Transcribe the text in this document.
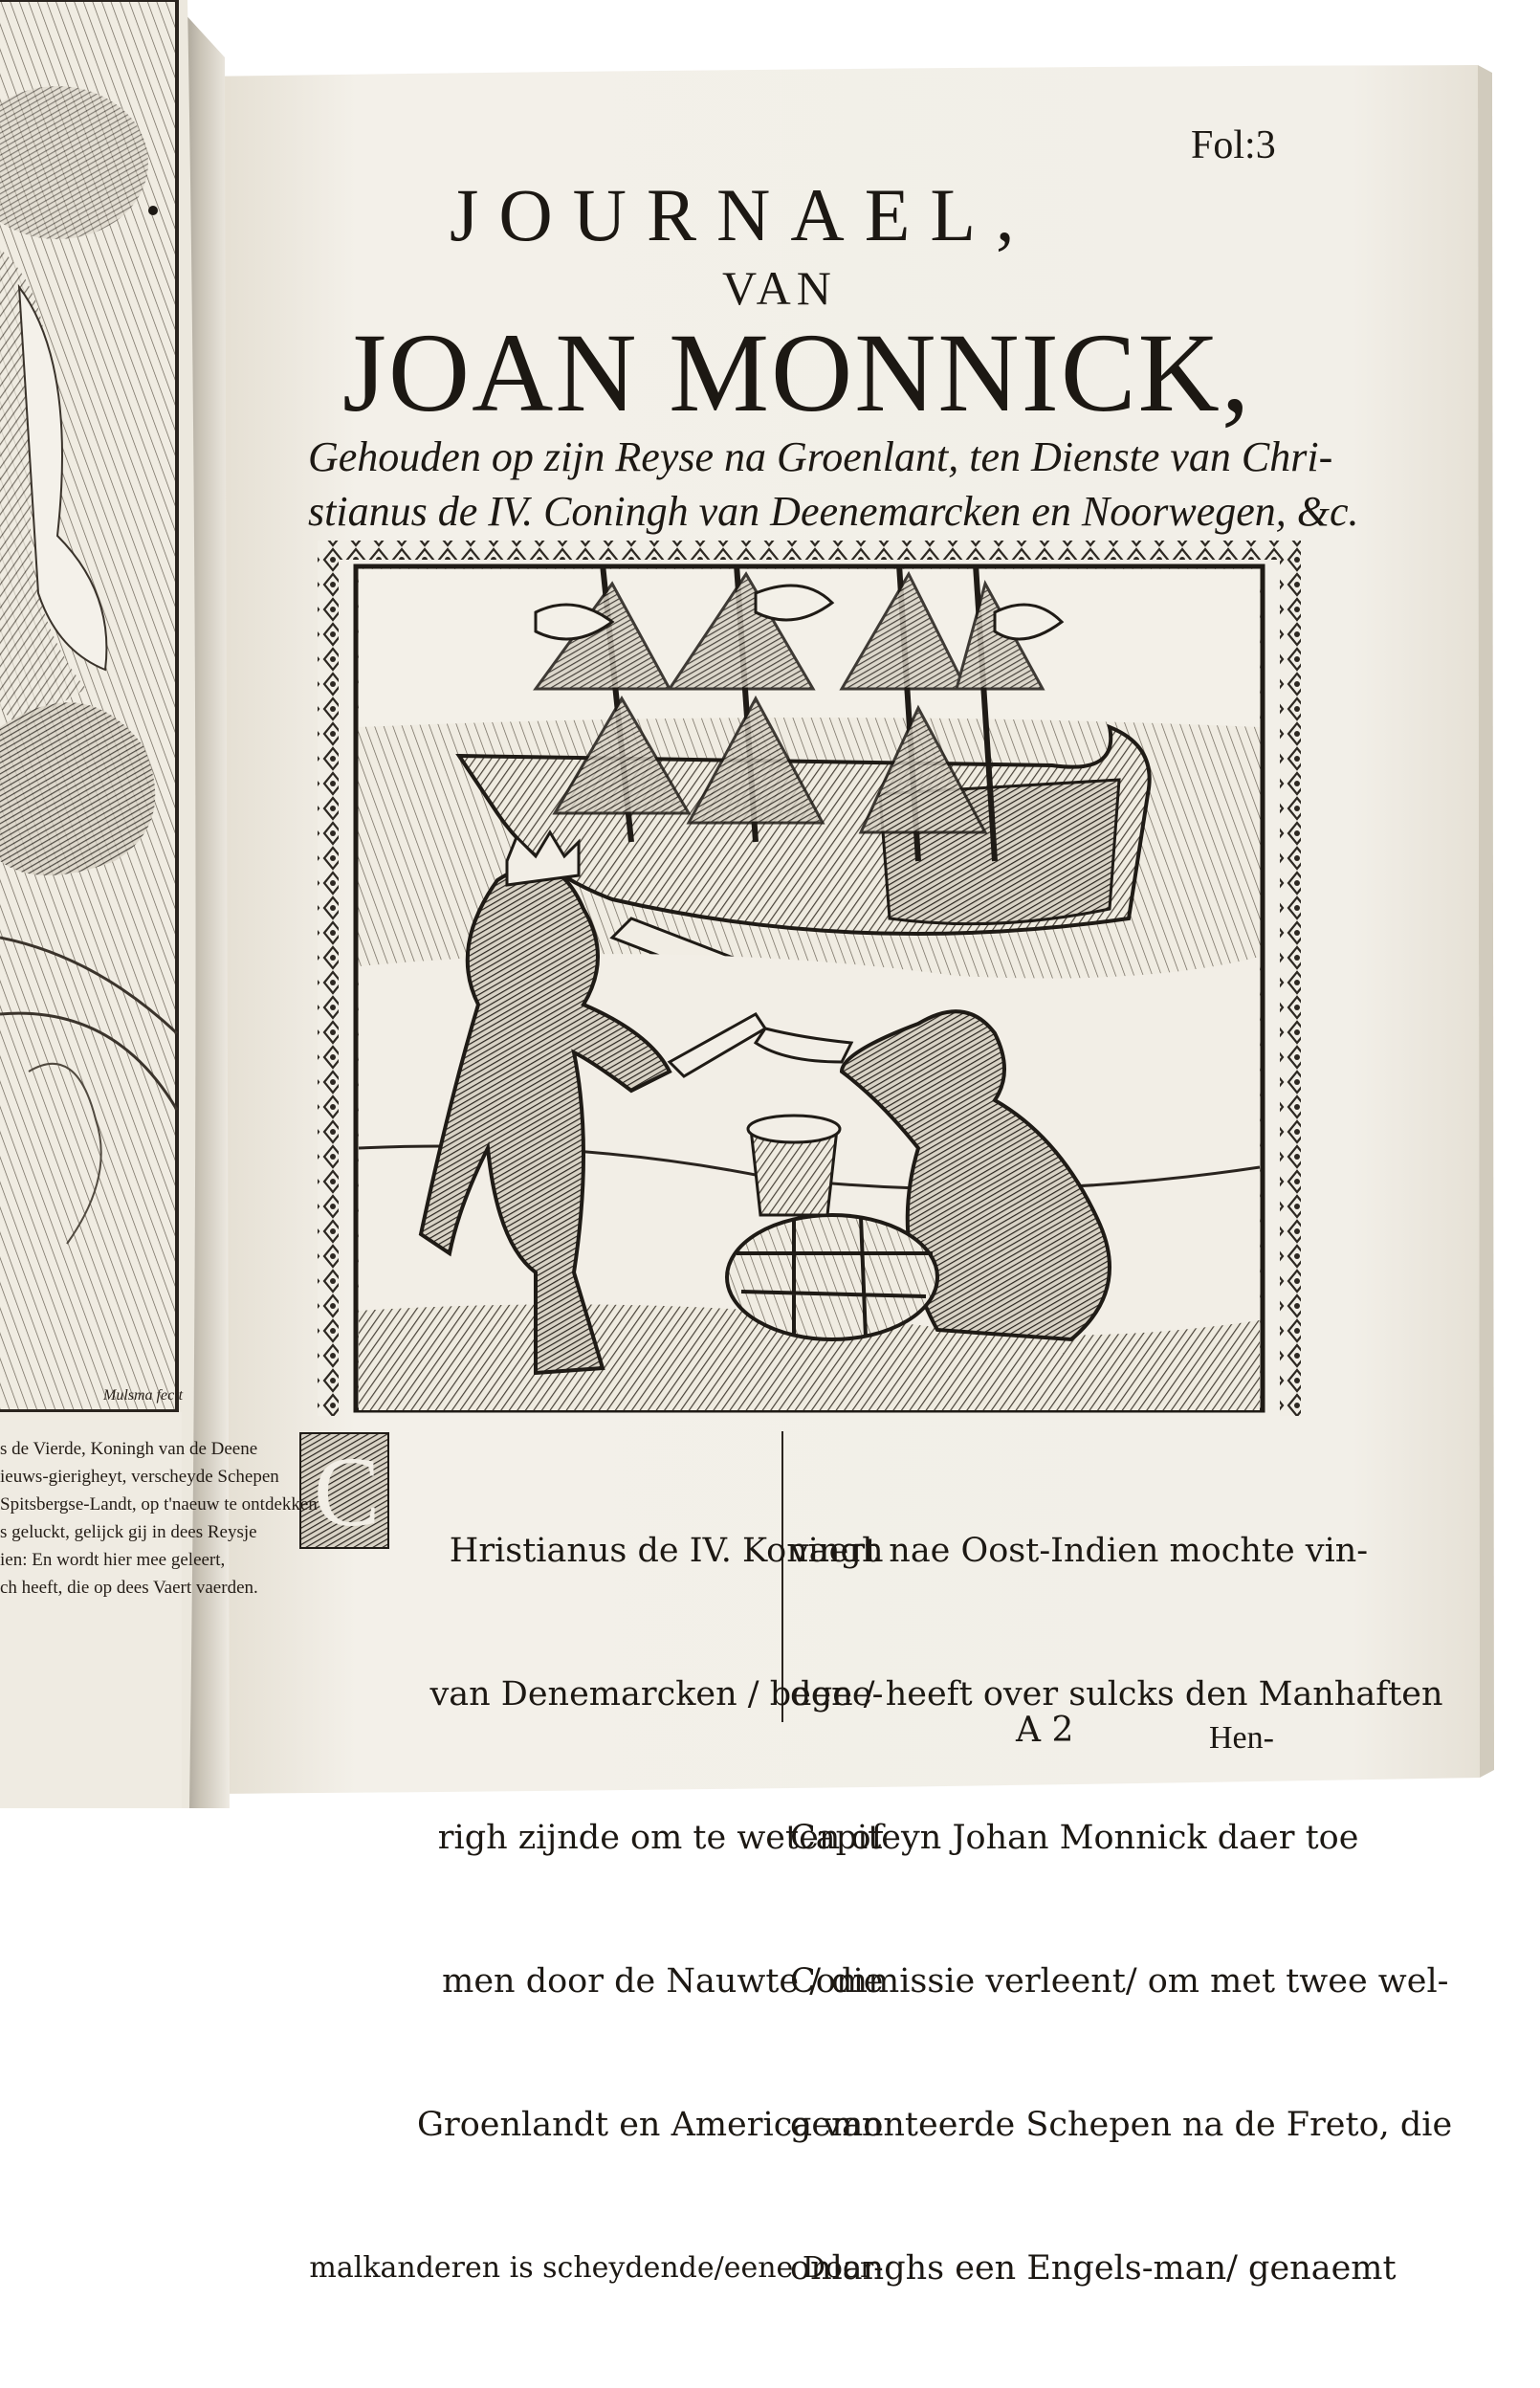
Fol:3
JOURNAEL,
VAN
JOAN MONNICK,
Gehouden op zijn Reyse na Groenlant, ten Dienste van Chri-
stianus de IV. Coningh van Deenemarcken en Noorwegen, &c.
C

Hristianus de IV. Koningh

van Denemarcken / begee-

righ zijnde om te weten of

men door de Nauwte / die

Groenlandt en America van

malkanderen is scheydende/eene Door-

vaert nae Oost-Indien mochte vin-

den / heeft over sulcks den Manhaften

Capiteyn Johan Monnick daer toe

Commissie verleent/ om met twee wel-

gemonteerde Schepen na de Freto, die

onlanghs een Engels-man/ genaemt

A 2	Hen-
Mulsma fecit
s de Vierde, Koningh van de Deene
ieuws-gierigheyt, verscheyde Schepen
Spitsbergse-Landt, op t'naeuw te ontdekken
s geluckt, gelijck gij in dees Reysje
ien: En wordt hier mee geleert,
ch heeft, die op dees Vaert vaerden.
